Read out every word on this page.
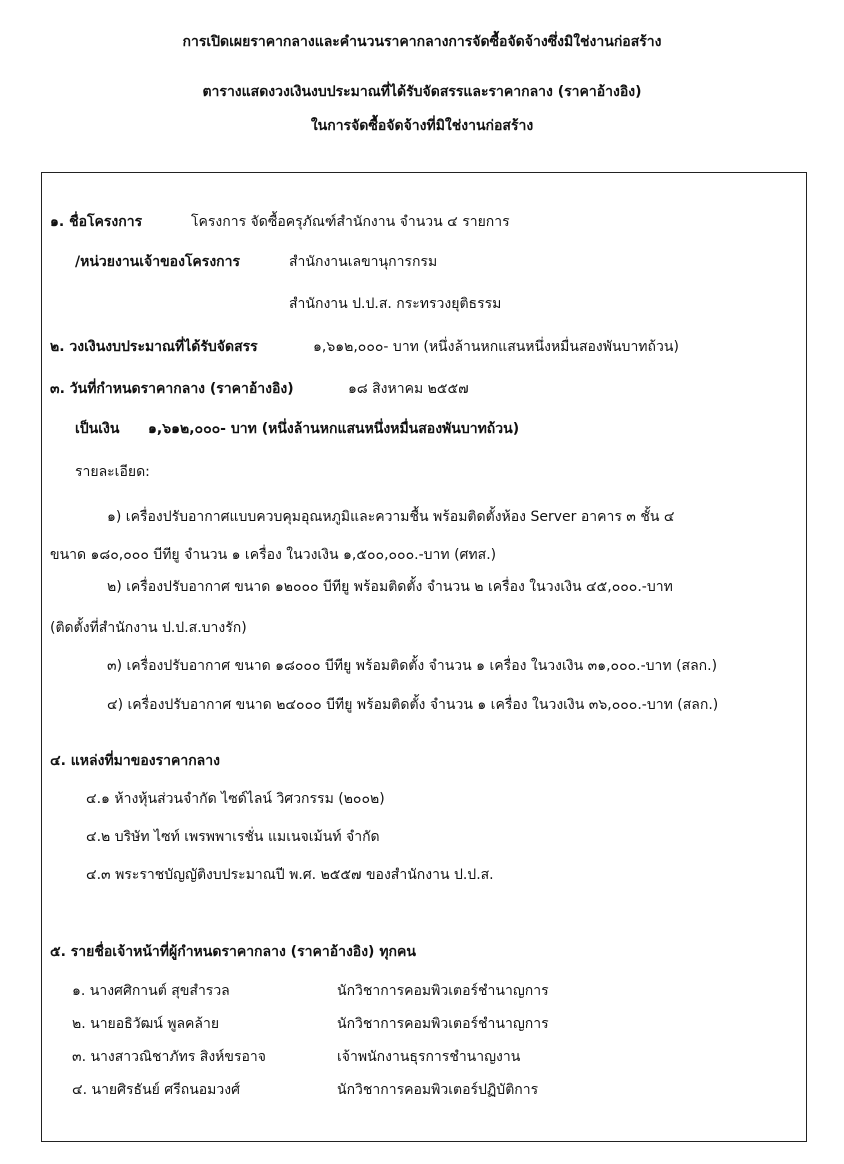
การเปิดเผยราคากลางและคำนวนราคากลางการจัดซื้อจัดจ้างซึ่งมิใช่งานก่อสร้าง
ตารางแสดงวงเงินงบประมาณที่ได้รับจัดสรรและราคากลาง (ราคาอ้างอิง)
ในการจัดซื้อจัดจ้างที่มิใช่งานก่อสร้าง
๑. ชื่อโครงการ	โครงการ จัดซื้อครุภัณฑ์สำนักงาน จำนวน ๔ รายการ
/หน่วยงานเจ้าของโครงการ	สำนักงานเลขานุการกรม
สำนักงาน ป.ป.ส. กระทรวงยุติธรรม
๒. วงเงินงบประมาณที่ได้รับจัดสรร	๑,๖๑๒,๐๐๐- บาท (หนึ่งล้านหกแสนหนึ่งหมื่นสองพันบาทถ้วน)
๓. วันที่กำหนดราคากลาง (ราคาอ้างอิง)	๑๘ สิงหาคม ๒๕๕๗
เป็นเงิน ๑,๖๑๒,๐๐๐- บาท (หนึ่งล้านหกแสนหนึ่งหมื่นสองพันบาทถ้วน)
รายละเอียด:
๑) เครื่องปรับอากาศแบบควบคุมอุณหภูมิและความชื้น พร้อมติดตั้งห้อง Server อาคาร ๓ ชั้น ๔
ขนาด ๑๘๐,๐๐๐ บีทียู จำนวน ๑ เครื่อง ในวงเงิน ๑,๕๐๐,๐๐๐.-บาท (ศทส.)
๒) เครื่องปรับอากาศ ขนาด ๑๒๐๐๐ บีทียู พร้อมติดตั้ง จำนวน ๒ เครื่อง ในวงเงิน ๔๕,๐๐๐.-บาท
(ติดตั้งที่สำนักงาน ป.ป.ส.บางรัก)
๓) เครื่องปรับอากาศ ขนาด ๑๘๐๐๐ บีทียู พร้อมติดตั้ง จำนวน ๑ เครื่อง ในวงเงิน ๓๑,๐๐๐.-บาท (สลก.)
๔) เครื่องปรับอากาศ ขนาด ๒๔๐๐๐ บีทียู พร้อมติดตั้ง จำนวน ๑ เครื่อง ในวงเงิน ๓๖,๐๐๐.-บาท (สลก.)
๔. แหล่งที่มาของราคากลาง
๔.๑ ห้างหุ้นส่วนจำกัด ไซด์ไลน์ วิศวกรรม (๒๐๐๒)
๔.๒ บริษัท ไซท์ เพรพพาเรชั่น แมเนจเม้นท์ จำกัด
๔.๓ พระราชบัญญัติงบประมาณปี พ.ศ. ๒๕๕๗ ของสำนักงาน ป.ป.ส.
๕. รายชื่อเจ้าหน้าที่ผู้กำหนดราคากลาง (ราคาอ้างอิง) ทุกคน
๑. นางศศิกานต์ สุขสำรวล	นักวิชาการคอมพิวเตอร์ชำนาญการ
๒. นายอธิวัฒน์ พูลคล้าย	นักวิชาการคอมพิวเตอร์ชำนาญการ
๓. นางสาวณิชาภัทร สิงห์ขรอาจ	เจ้าพนักงานธุรการชำนาญงาน
๔. นายศิรธันย์ ศรีถนอมวงศ์	นักวิชาการคอมพิวเตอร์ปฏิบัติการ
